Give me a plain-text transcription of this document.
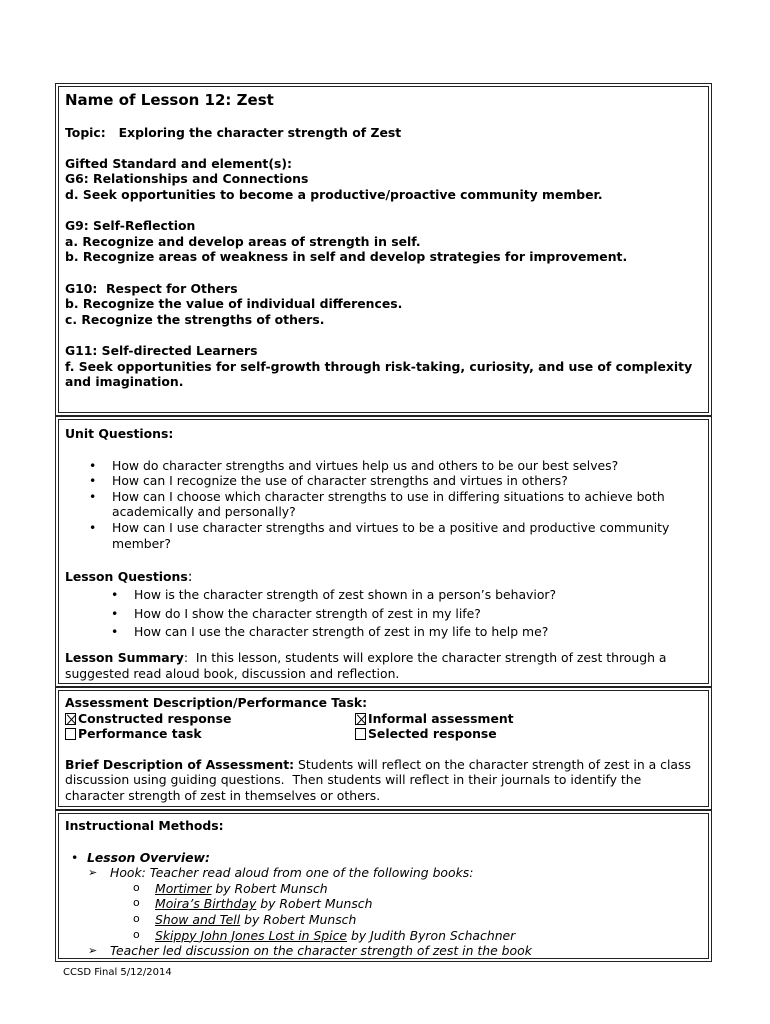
Name of Lesson 12: Zest
Topic:   Exploring the character strength of Zest
Gifted Standard and element(s):
G6: Relationships and Connections
d. Seek opportunities to become a productive/proactive community member.
G9: Self-Reflection
a. Recognize and develop areas of strength in self.
b. Recognize areas of weakness in self and develop strategies for improvement.
G10:  Respect for Others
b. Recognize the value of individual differences.
c. Recognize the strengths of others.
G11: Self-directed Learners
f. Seek opportunities for self-growth through risk-taking, curiosity, and use of complexity
and imagination.
Unit Questions:
• How do character strengths and virtues help us and others to be our best selves?
• How can I recognize the use of character strengths and virtues in others?
• How can I choose which character strengths to use in differing situations to achieve both
academically and personally?
• How can I use character strengths and virtues to be a positive and productive community
member?
Lesson Questions:
• How is the character strength of zest shown in a person’s behavior?
• How do I show the character strength of zest in my life?
• How can I use the character strength of zest in my life to help me?
Lesson Summary:  In this lesson, students will explore the character strength of zest through a
suggested read aloud book, discussion and reflection.
Assessment Description/Performance Task:
Constructed response	Informal assessment
Performance task	Selected response
Brief Description of Assessment: Students will reflect on the character strength of zest in a class
discussion using guiding questions.  Then students will reflect in their journals to identify the
character strength of zest in themselves or others.
Instructional Methods:
• Lesson Overview:
➢ Hook: Teacher read aloud from one of the following books:
o Mortimer by Robert Munsch
o Moira’s Birthday by Robert Munsch
o Show and Tell by Robert Munsch
o Skippy John Jones Lost in Spice by Judith Byron Schachner
➢ Teacher led discussion on the character strength of zest in the book
CCSD Final 5/12/2014
